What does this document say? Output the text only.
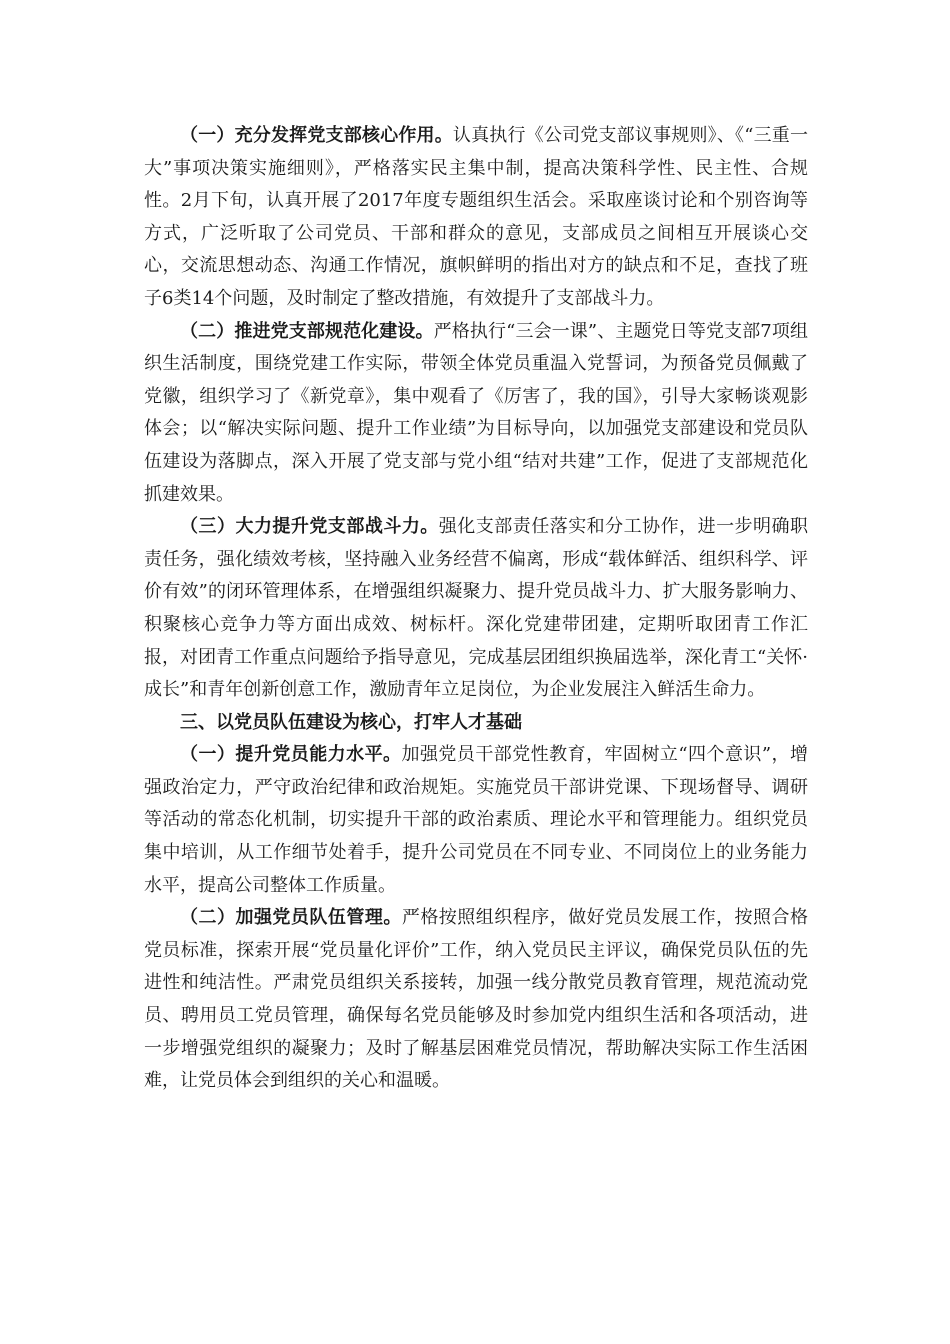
（一）充分发挥党支部核心作用。认真执行《公司党支部议事规则》、《“三重一大”事项决策实施细则》，严格落实民主集中制，提高决策科学性、民主性、合规性。2月下旬，认真开展了2017年度专题组织生活会。采取座谈讨论和个别咨询等方式，广泛听取了公司党员、干部和群众的意见，支部成员之间相互开展谈心交心，交流思想动态、沟通工作情况，旗帜鲜明的指出对方的缺点和不足，查找了班子6类14个问题，及时制定了整改措施，有效提升了支部战斗力。

（二）推进党支部规范化建设。严格执行“三会一课”、主题党日等党支部7项组织生活制度，围绕党建工作实际，带领全体党员重温入党誓词，为预备党员佩戴了党徽，组织学习了《新党章》，集中观看了《厉害了，我的国》，引导大家畅谈观影体会；以“解决实际问题、提升工作业绩”为目标导向，以加强党支部建设和党员队伍建设为落脚点，深入开展了党支部与党小组“结对共建”工作，促进了支部规范化抓建效果。

（三）大力提升党支部战斗力。强化支部责任落实和分工协作，进一步明确职责任务，强化绩效考核，坚持融入业务经营不偏离，形成“载体鲜活、组织科学、评价有效”的闭环管理体系，在增强组织凝聚力、提升党员战斗力、扩大服务影响力、积聚核心竞争力等方面出成效、树标杆。深化党建带团建，定期听取团青工作汇报，对团青工作重点问题给予指导意见，完成基层团组织换届选举，深化青工“关怀·成长”和青年创新创意工作，激励青年立足岗位，为企业发展注入鲜活生命力。

三、以党员队伍建设为核心，打牢人才基础

（一）提升党员能力水平。加强党员干部党性教育，牢固树立“四个意识”，增强政治定力，严守政治纪律和政治规矩。实施党员干部讲党课、下现场督导、调研等活动的常态化机制，切实提升干部的政治素质、理论水平和管理能力。组织党员集中培训，从工作细节处着手，提升公司党员在不同专业、不同岗位上的业务能力水平，提高公司整体工作质量。

（二）加强党员队伍管理。严格按照组织程序，做好党员发展工作，按照合格党员标准，探索开展“党员量化评价”工作，纳入党员民主评议，确保党员队伍的先进性和纯洁性。严肃党员组织关系接转，加强一线分散党员教育管理，规范流动党员、聘用员工党员管理，确保每名党员能够及时参加党内组织生活和各项活动，进一步增强党组织的凝聚力；及时了解基层困难党员情况，帮助解决实际工作生活困难，让党员体会到组织的关心和温暖。
